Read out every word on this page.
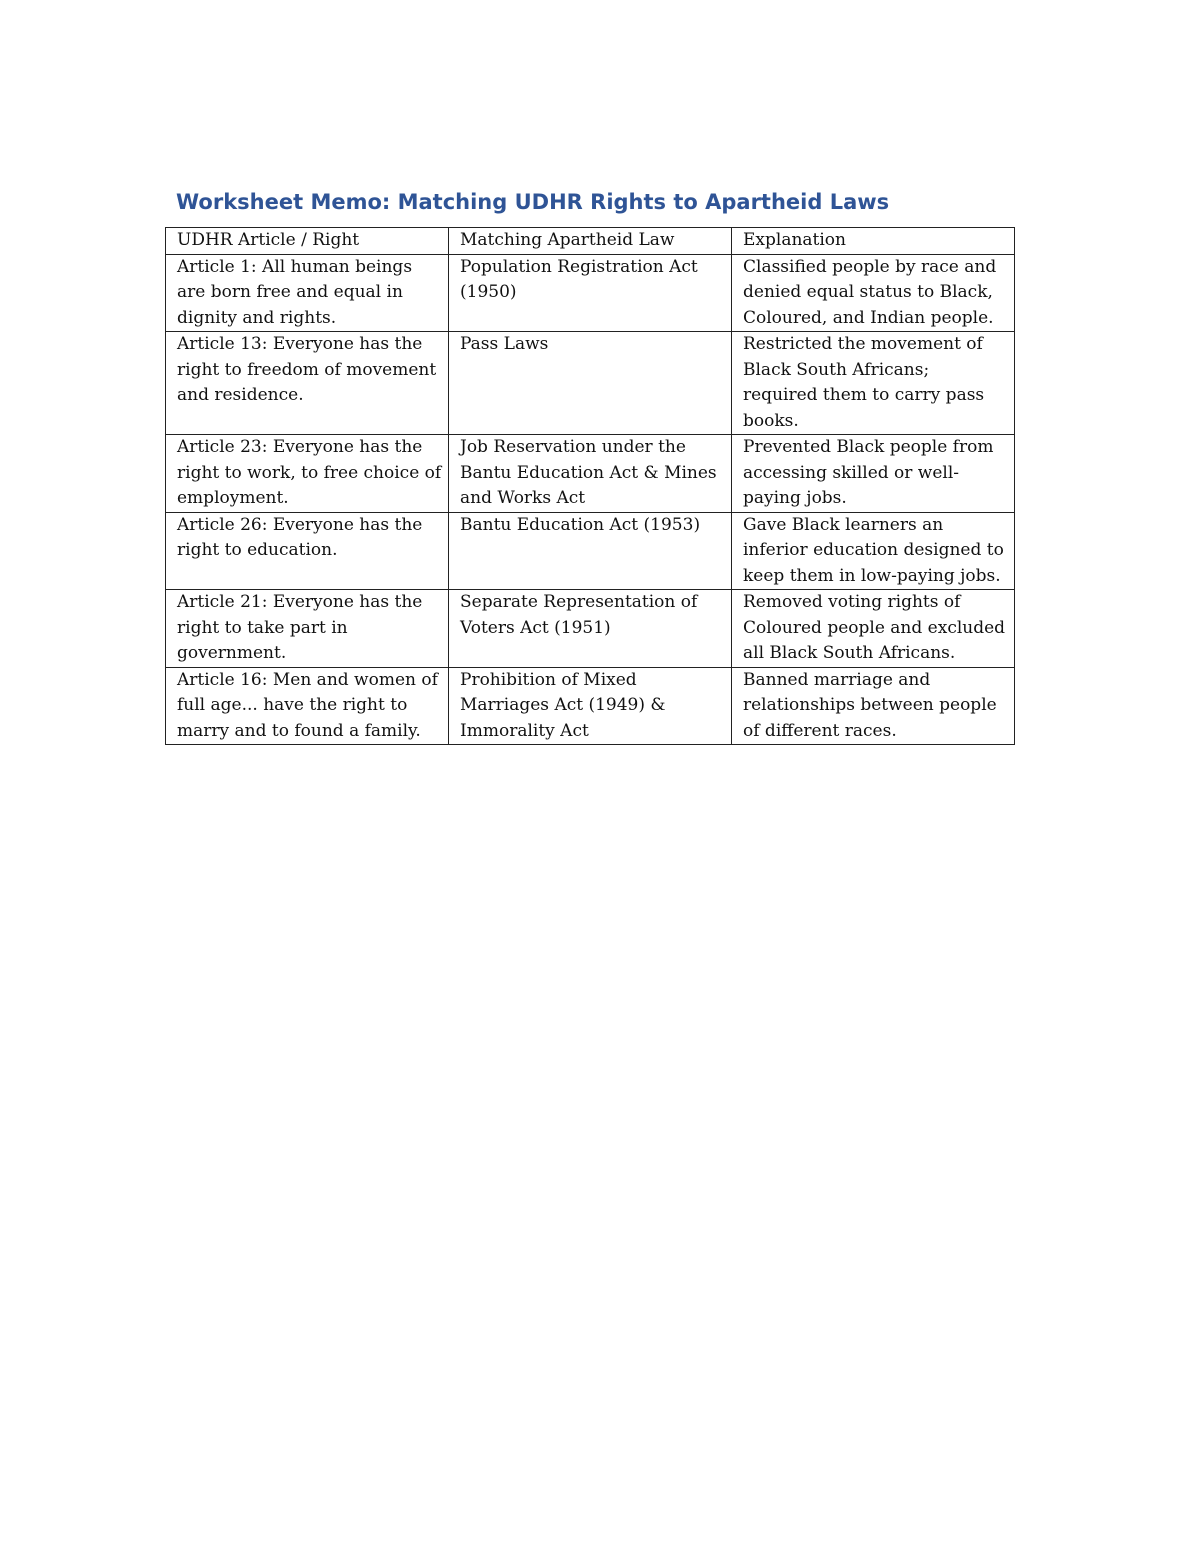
Worksheet Memo: Matching UDHR Rights to Apartheid Laws
UDHR Article / Right	Matching Apartheid Law	Explanation
Article 1: All human beings are born free and equal in dignity and rights.	Population Registration Act (1950)	Classified people by race and denied equal status to Black, Coloured, and Indian people.
Article 13: Everyone has the right to freedom of movement and residence.	Pass Laws	Restricted the movement of Black South Africans; required them to carry pass books.
Article 23: Everyone has the right to work, to free choice of employment.	Job Reservation under the Bantu Education Act & Mines and Works Act	Prevented Black people from accessing skilled or well-paying jobs.
Article 26: Everyone has the right to education.	Bantu Education Act (1953)	Gave Black learners an inferior education designed to keep them in low-paying jobs.
Article 21: Everyone has the right to take part in government.	Separate Representation of Voters Act (1951)	Removed voting rights of Coloured people and excluded all Black South Africans.
Article 16: Men and women of full age... have the right to marry and to found a family.	Prohibition of Mixed Marriages Act (1949) & Immorality Act	Banned marriage and relationships between people of different races.
